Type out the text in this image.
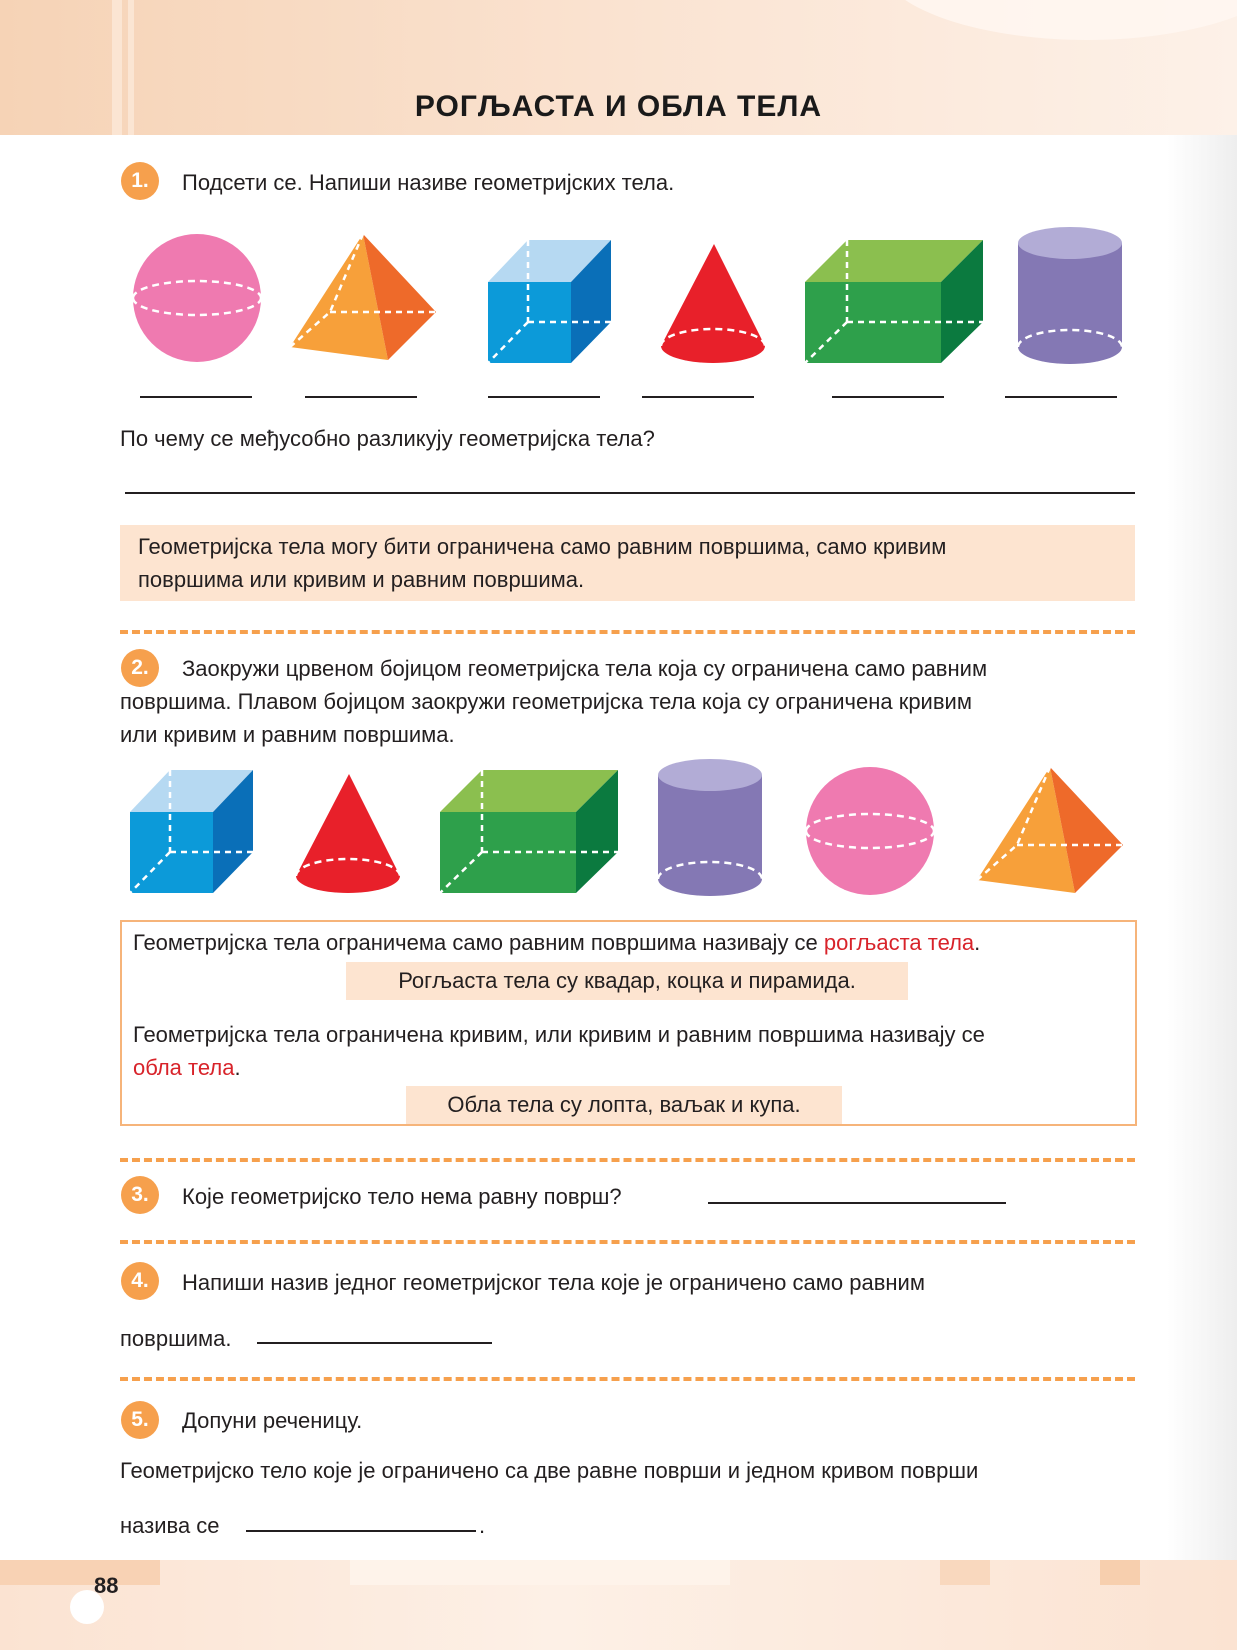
РОГЉАСТА И ОБЛА ТЕЛА
1.	Подсети се. Напиши називе геометријских тела.
По чему се међусобно разликују геометријска тела?
Геометријска тела могу бити ограничена само равним површима, само кривим
површима или кривим и равним површима.
2.	Заокружи црвеном бојицом геометријска тела која су ограничена само равним
површима. Плавом бојицом заокружи геометријска тела која су ограничена кривим
или кривим и равним површима.
Геометријска тела ограничема само равним површима називају се рогљаста тела.
Рогљаста тела су квадар, коцка и пирамида.
Геометријска тела ограничена кривим, или кривим и равним површима називају се
обла тела.
Обла тела су лопта, ваљак и купа.
3.	Које геометријско тело нема равну површ?
4.	Напиши назив једног геометријског тела које је ограничено само равним
површима.
5.	Допуни реченицу.
Геометријско тело које је ограничено са две равне површи и једном кривом површи
назива се	.
88
